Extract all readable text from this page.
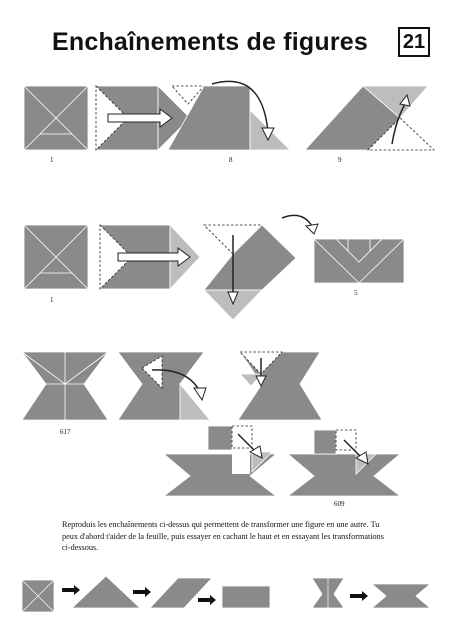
Enchaînements de figures 21
1	8	9
1
5
617
609
Reproduis les enchaînements ci-dessus qui permettent de transformer une figure en une autre. Tu peux d'abord t'aider de la feuille, puis essayer en cachant le haut et en essayant les transformations ci-dessous.
